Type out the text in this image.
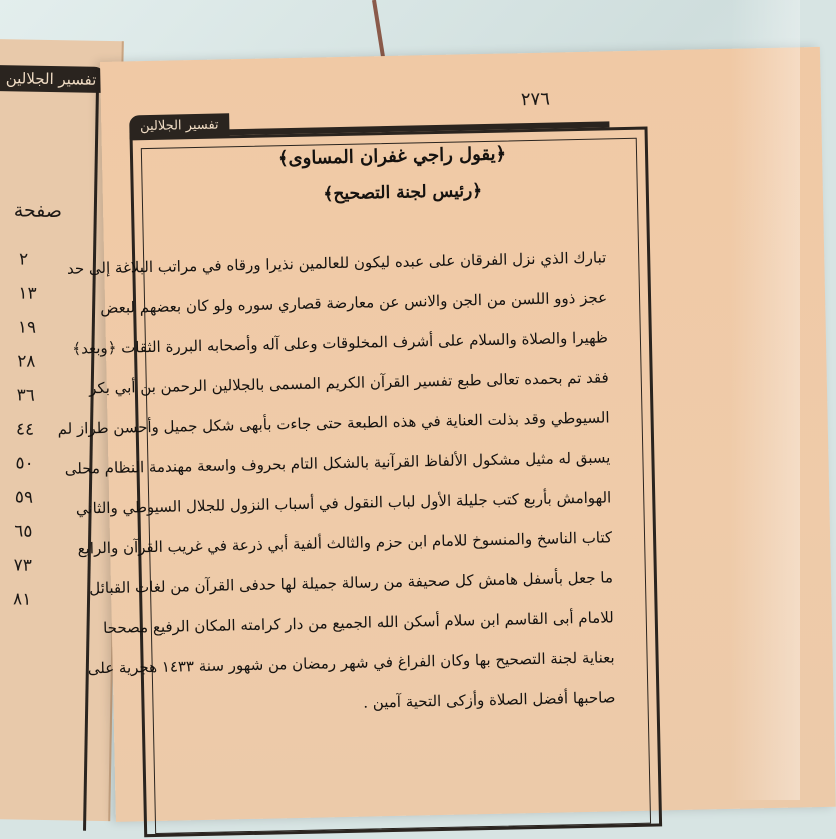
تفسير الجلالين
صفحة
٢
١٣
١٩
٢٨
٣٦
٤٤
٥٠
٥٩
٦٥
٧٣
٨١
٢٧٦
تفسير الجلالين
﴿يقول راجي غفران المساوى﴾
﴿رئيس لجنة التصحيح﴾
تبارك الذي نزل الفرقان على عبده ليكون للعالمين نذيرا ورقاه في مراتب البلاغة إلى حد
عجز ذوو اللسن من الجن والانس عن معارضة قصاري سوره ولو كان بعضهم لبعض
ظهيرا والصلاة والسلام على أشرف المخلوقات وعلى آله وأصحابه البررة الثقات ﴿وبعد﴾
فقد تم بحمده تعالى طبع تفسير القرآن الكريم المسمى بالجلالين الرحمن بن أبي بكر
السيوطي وقد بذلت العناية في هذه الطبعة حتى جاءت بأبهى شكل جميل وأحسن طراز لم
يسبق له مثيل مشكول الألفاظ القرآنية بالشكل التام بحروف واسعة مهندمة النظام محلى
الهوامش بأربع كتب جليلة الأول لباب النقول في أسباب النزول للجلال السيوطي والثاني
كتاب الناسخ والمنسوخ للامام ابن حزم والثالث ألفية أبي ذرعة في غريب القرآن والرابع
ما جعل بأسفل هامش كل صحيفة من رسالة جميلة لها حدفى القرآن من لغات القبائل
للامام أبى القاسم ابن سلام أسكن الله الجميع من دار كرامته المكان الرفيع مصححا
بعناية لجنة التصحيح بها وكان الفراغ في شهر رمضان من شهور سنة ١٤٣٣ هجرية على
صاحبها أفضل الصلاة وأزكى التحية آمين .
